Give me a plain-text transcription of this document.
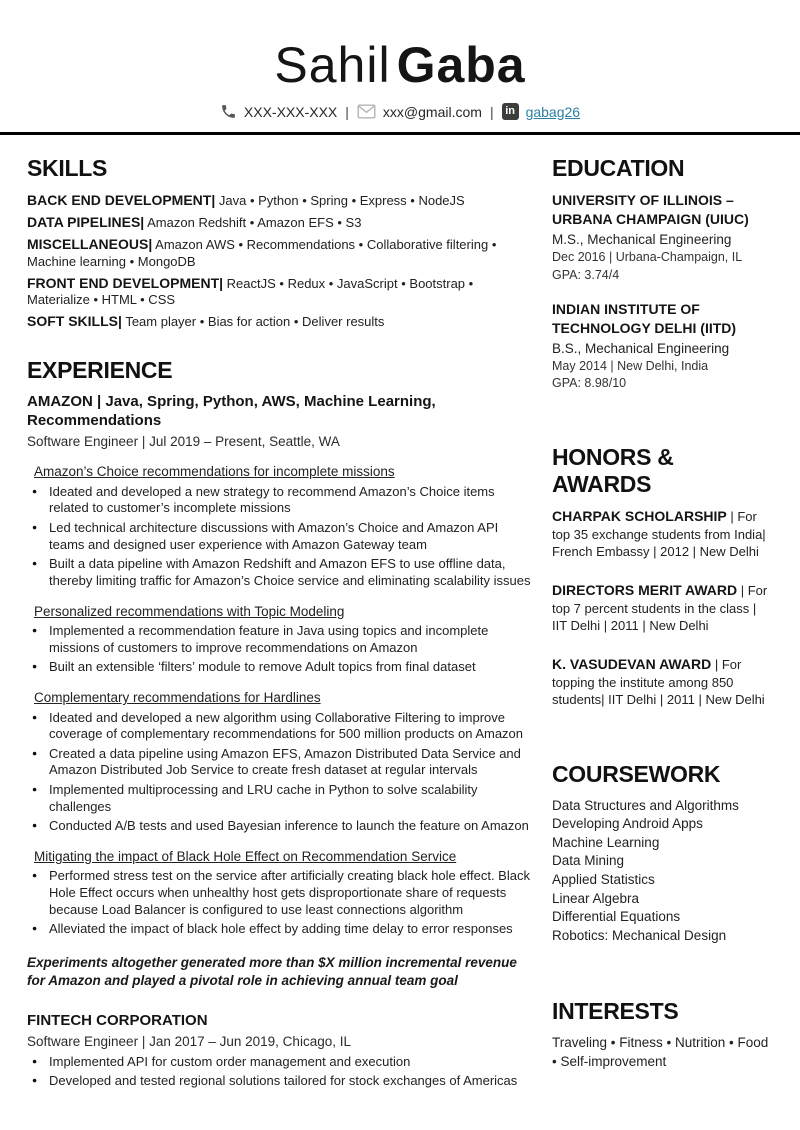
Sahil Gaba
XXX-XXX-XXX | xxx@gmail.com |	in gabag26
SKILLS

BACK END DEVELOPMENT| Java • Python • Spring • Express • NodeJS

DATA PIPELINES| Amazon Redshift • Amazon EFS • S3

MISCELLANEOUS| Amazon AWS • Recommendations • Collaborative filtering • Machine learning • MongoDB

FRONT END DEVELOPMENT| ReactJS • Redux • JavaScript • Bootstrap • Materialize • HTML • CSS

SOFT SKILLS| Team player • Bias for action • Deliver results

EXPERIENCE
AMAZON | Java, Spring, Python, AWS, Machine Learning, Recommendations
Software Engineer | Jul 2019 – Present, Seattle, WA
Amazon’s Choice recommendations for incomplete missions
● Ideated and developed a new strategy to recommend Amazon’s Choice items related to customer’s incomplete missions
● Led technical architecture discussions with Amazon’s Choice and Amazon API teams and designed user experience with Amazon Gateway team
● Built a data pipeline with Amazon Redshift and Amazon EFS to use offline data, thereby limiting traffic for Amazon’s Choice service and eliminating scalability issues
Personalized recommendations with Topic Modeling
● Implemented a recommendation feature in Java using topics and incomplete missions of customers to improve recommendations on Amazon
● Built an extensible ‘filters’ module to remove Adult topics from final dataset
Complementary recommendations for Hardlines
● Ideated and developed a new algorithm using Collaborative Filtering to improve coverage of complementary recommendations for 500 million products on Amazon
● Created a data pipeline using Amazon EFS, Amazon Distributed Data Service and Amazon Distributed Job Service to create fresh dataset at regular intervals
● Implemented multiprocessing and LRU cache in Python to solve scalability challenges
● Conducted A/B tests and used Bayesian inference to launch the feature on Amazon
Mitigating the impact of Black Hole Effect on Recommendation Service
● Performed stress test on the service after artificially creating black hole effect. Black Hole Effect occurs when unhealthy host gets disproportionate share of requests because Load Balancer is configured to use least connections algorithm
● Alleviated the impact of black hole effect by adding time delay to error responses
Experiments altogether generated more than $X million incremental revenue for Amazon and played a pivotal role in achieving annual team goal
FINTECH CORPORATION
Software Engineer | Jan 2017 – Jun 2019, Chicago, IL
● Implemented API for custom order management and execution
● Developed and tested regional solutions tailored for stock exchanges of Americas
EDUCATION
UNIVERSITY OF ILLINOIS – URBANA CHAMPAIGN (UIUC)
M.S., Mechanical Engineering
Dec 2016 | Urbana-Champaign, IL
GPA: 3.74/4
INDIAN INSTITUTE OF TECHNOLOGY DELHI (IITD)
B.S., Mechanical Engineering
May 2014 | New Delhi, India
GPA: 8.98/10
HONORS & AWARDS
CHARPAK SCHOLARSHIP | For top 35 exchange students from India| French Embassy | 2012 | New Delhi
DIRECTORS MERIT AWARD | For top 7 percent students in the class | IIT Delhi | 2011 | New Delhi
K. VASUDEVAN AWARD | For topping the institute among 850 students| IIT Delhi | 2011 | New Delhi
COURSEWORK
Data Structures and Algorithms
Developing Android Apps
Machine Learning
Data Mining
Applied Statistics
Linear Algebra
Differential Equations
Robotics: Mechanical Design
INTERESTS
Traveling • Fitness • Nutrition • Food • Self-improvement
